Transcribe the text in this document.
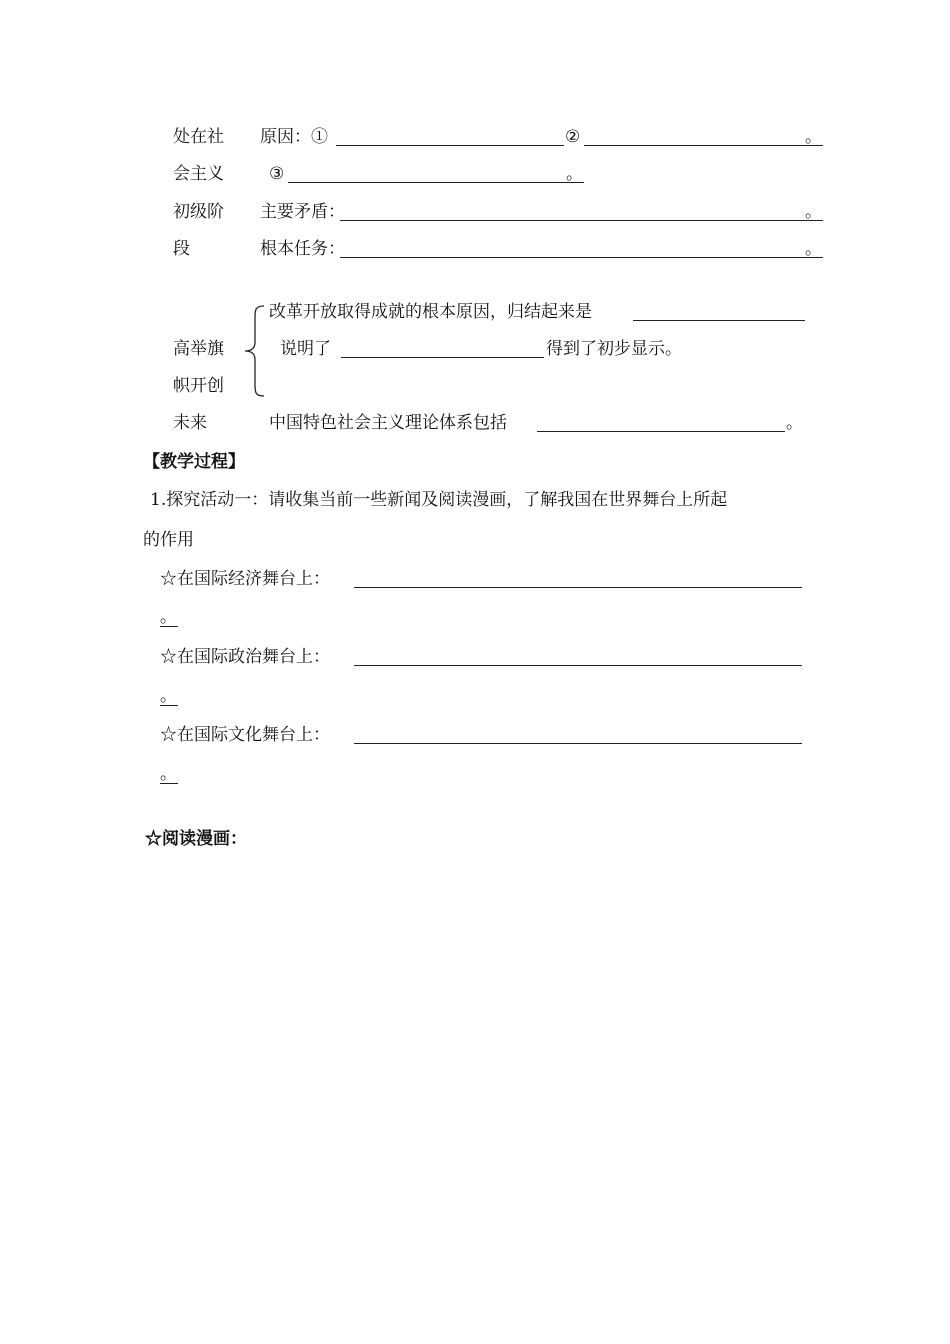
处在社
会主义
初级阶
段
原因：①	②	。
③	。
主要矛盾：	。
根本任务：	。
高举旗
帜开创
未来
改革开放取得成就的根本原因，归结起来是
说明了	得到了初步显示。
中国特色社会主义理论体系包括	。
【教学过程】
1.探究活动一：请收集当前一些新闻及阅读漫画，了解我国在世界舞台上所起
的作用
☆在国际经济舞台上：
。
☆在国际政治舞台上：
。
☆在国际文化舞台上：
。
☆阅读漫画：
